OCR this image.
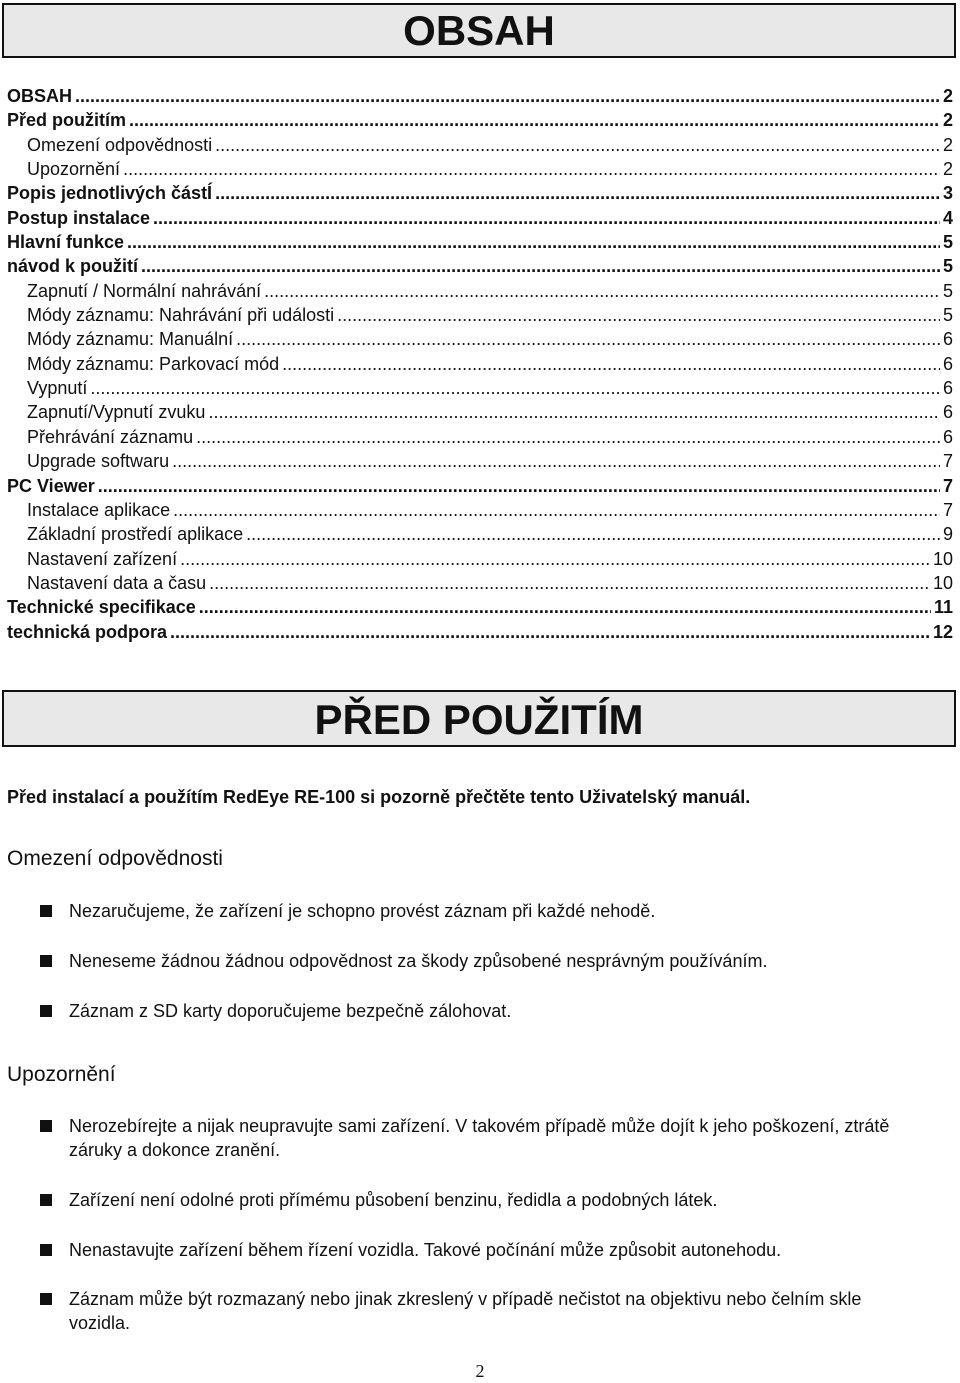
OBSAH
OBSAH .....	2
Před použitím .....	2
Omezení odpovědnosti .....	2
Upozornění .....	2
Popis jednotlivých částÍ .....	3
Postup instalace .....	4
Hlavní funkce .....	5
návod k použití .....	5
Zapnutí / Normální nahrávání .....	5
Módy záznamu: Nahrávání při události .....	5
Módy záznamu: Manuální .....	6
Módy záznamu: Parkovací mód .....	6
Vypnutí .....	6
Zapnutí/Vypnutí zvuku .....	6
Přehrávání záznamu .....	6
Upgrade softwaru .....	7
PC Viewer .....	7
Instalace aplikace .....	7
Základní prostředí aplikace .....	9
Nastavení zařízení .....	10
Nastavení data a času .....	10
Technické specifikace .....	11
technická podpora .....	12
PŘED POUŽITÍM

Před instalací a použítím RedEye RE-100 si pozorně přečtěte tento Uživatelský manuál.

Omezení odpovědnosti
Nezaručujeme, že zařízení je schopno provést záznam při každé nehodě.
Neneseme žádnou žádnou odpovědnost za škody způsobené nesprávným používáním.
Záznam z SD karty doporučujeme bezpečně zálohovat.
Upozornění
Nerozebírejte a nijak neupravujte sami zařízení. V takovém případě může dojít k jeho poškození, ztrátě záruky a dokonce zranění.
Zařízení není odolné proti přímému působení benzinu, ředidla a podobných látek.
Nenastavujte zařízení během řízení vozidla. Takové počínání může způsobit autonehodu.
Záznam může být rozmazaný nebo jinak zkreslený v případě nečistot na objektivu nebo čelním skle vozidla.
2
